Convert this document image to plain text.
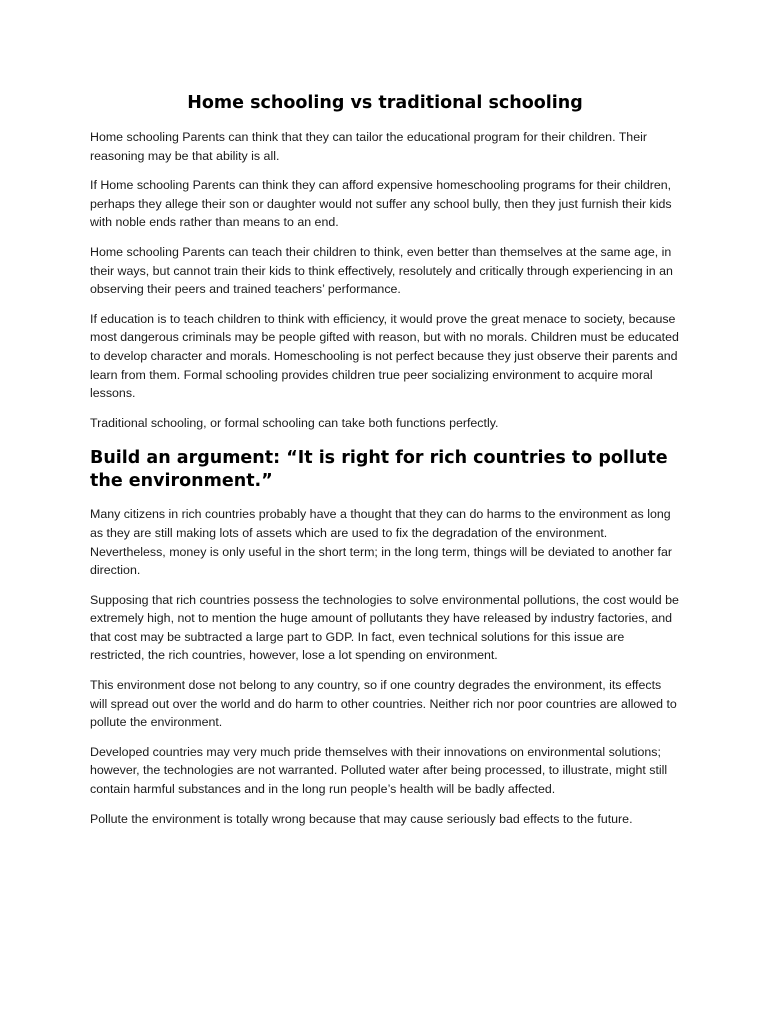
Home schooling vs traditional schooling

Home schooling Parents can think that they can tailor the educational program for their children. Their reasoning may be that ability is all.

If Home schooling Parents can think they can afford expensive homeschooling programs for their children, perhaps they allege their son or daughter would not suffer any school bully, then they just furnish their kids with noble ends rather than means to an end.

Home schooling Parents can teach their children to think, even better than themselves at the same age, in their ways, but cannot train their kids to think effectively, resolutely and critically through experiencing in an observing their peers and trained teachers’ performance.

If education is to teach children to think with efficiency, it would prove the great menace to society, because most dangerous criminals may be people gifted with reason, but with no morals. Children must be educated to develop character and morals. Homeschooling is not perfect because they just observe their parents and learn from them. Formal schooling provides children true peer socializing environment to acquire moral lessons.

Traditional schooling, or formal schooling can take both functions perfectly.

Build an argument: “It is right for rich countries to pollute the environment.”

Many citizens in rich countries probably have a thought that they can do harms to the environment as long as they are still making lots of assets which are used to fix the degradation of the environment. Nevertheless, money is only useful in the short term; in the long term, things will be deviated to another far direction.

Supposing that rich countries possess the technologies to solve environmental pollutions, the cost would be extremely high, not to mention the huge amount of pollutants they have released by industry factories, and that cost may be subtracted a large part to GDP. In fact, even technical solutions for this issue are restricted, the rich countries, however, lose a lot spending on environment.

This environment dose not belong to any country, so if one country degrades the environment, its effects will spread out over the world and do harm to other countries. Neither rich nor poor countries are allowed to pollute the environment.

Developed countries may very much pride themselves with their innovations on environmental solutions; however, the technologies are not warranted. Polluted water after being processed, to illustrate, might still contain harmful substances and in the long run people’s health will be badly affected.

Pollute the environment is totally wrong because that may cause seriously bad effects to the future.
